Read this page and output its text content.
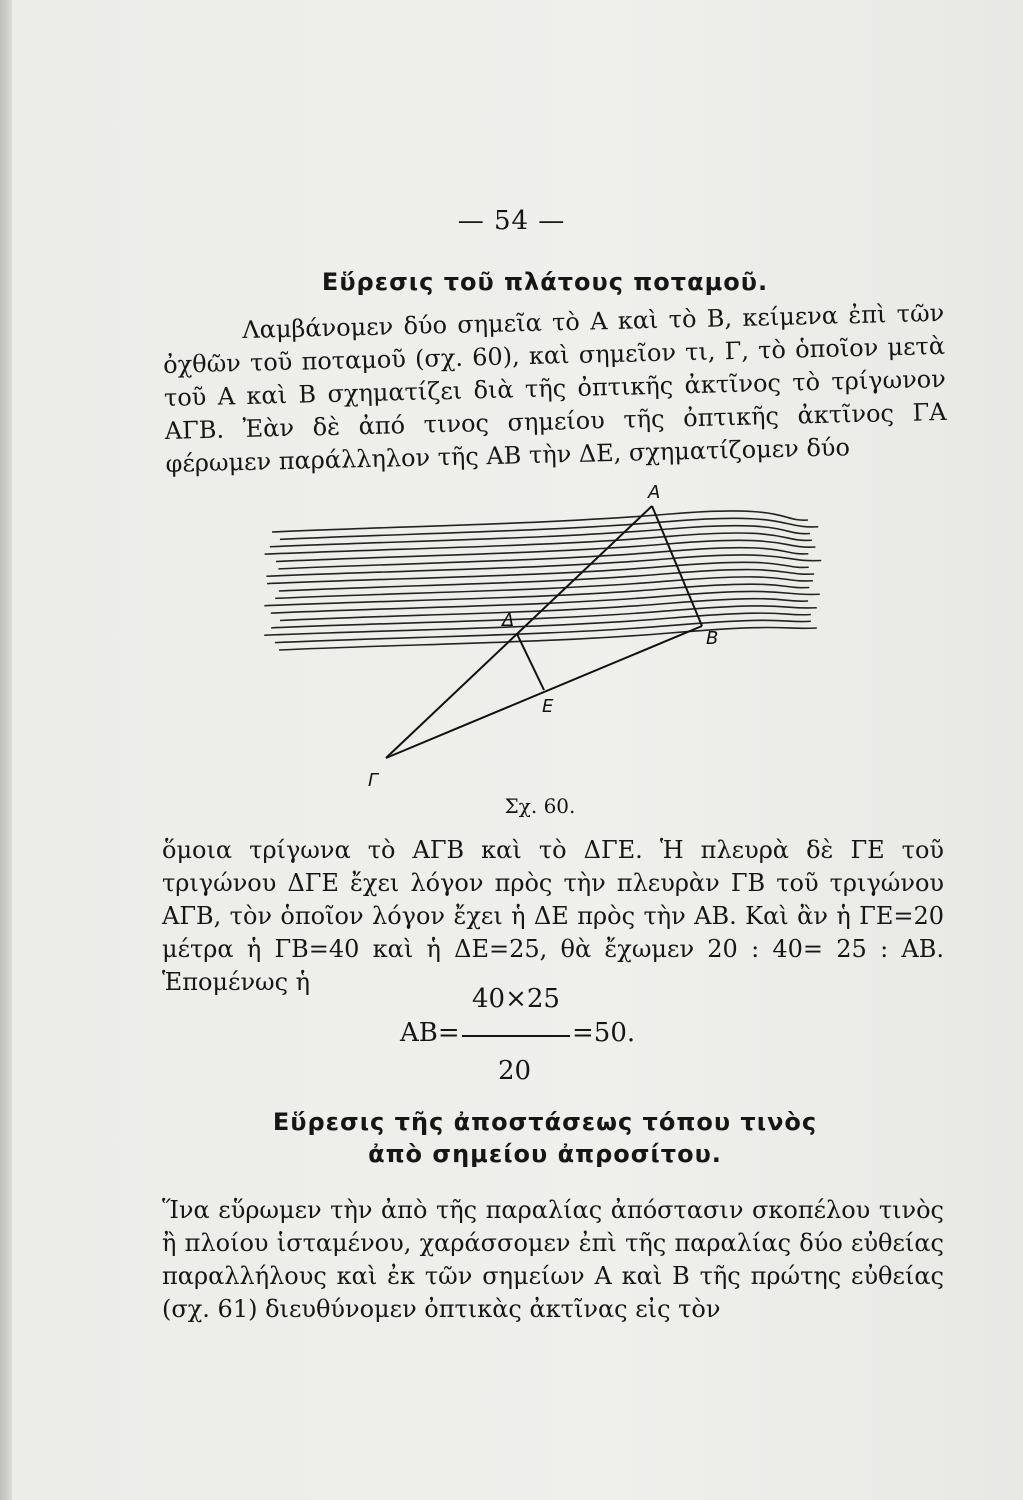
— 54 —
Εὕρεσις τοῦ πλάτους ποταμοῦ.

Λαμβάνομεν δύο σημεῖα τὸ Α καὶ τὸ Β, κείμενα ἐπὶ τῶν ὀχθῶν τοῦ ποταμοῦ (σχ. 60), καὶ σημεῖον τι, Γ, τὸ ὁποῖον μετὰ τοῦ Α καὶ Β σχηματίζει διὰ τῆς ὀπτικῆς ἀκτῖνος τὸ τρίγωνον ΑΓΒ. Ἐὰν δὲ ἀπό τινος σημείου τῆς ὀπτικῆς ἀκτῖνος ΓΑ φέρωμεν παράλληλον τῆς ΑΒ τὴν ΔΕ, σχηματίζομεν δύο

A
B
Γ
Δ
E
Σχ. 60.

ὅμοια τρίγωνα τὸ ΑΓΒ καὶ τὸ ΔΓΕ. Ἡ πλευρὰ δὲ ΓΕ τοῦ τριγώνου ΔΓΕ ἔχει λόγον πρὸς τὴν πλευρὰν ΓΒ τοῦ τριγώνου ΑΓΒ, τὸν ὁποῖον λόγον ἔχει ἡ ΔΕ πρὸς τὴν ΑΒ. Καὶ ἂν ἡ ΓΕ=20 μέτρα ἡ ΓΒ=40 καὶ ἡ ΔΕ=25, θὰ ἔχωμεν 20 : 40= 25 : ΑΒ. Ἑπομένως ἡ

40×25
ΑΒ=	=50.
20
Εὕρεσις τῆς ἀποστάσεως τόπου τινὸς
ἀπὸ σημείου ἀπροσίτου.

Ἵνα εὕρωμεν τὴν ἀπὸ τῆς παραλίας ἀπόστασιν σκοπέλου τινὸς ἢ πλοίου ἱσταμένου, χαράσσομεν ἐπὶ τῆς παραλίας δύο εὐθείας παραλλήλους καὶ ἐκ τῶν σημείων Α καὶ Β τῆς πρώτης εὐθείας (σχ. 61) διευθύνομεν ὀπτικὰς ἀκτῖνας εἰς τὸν
